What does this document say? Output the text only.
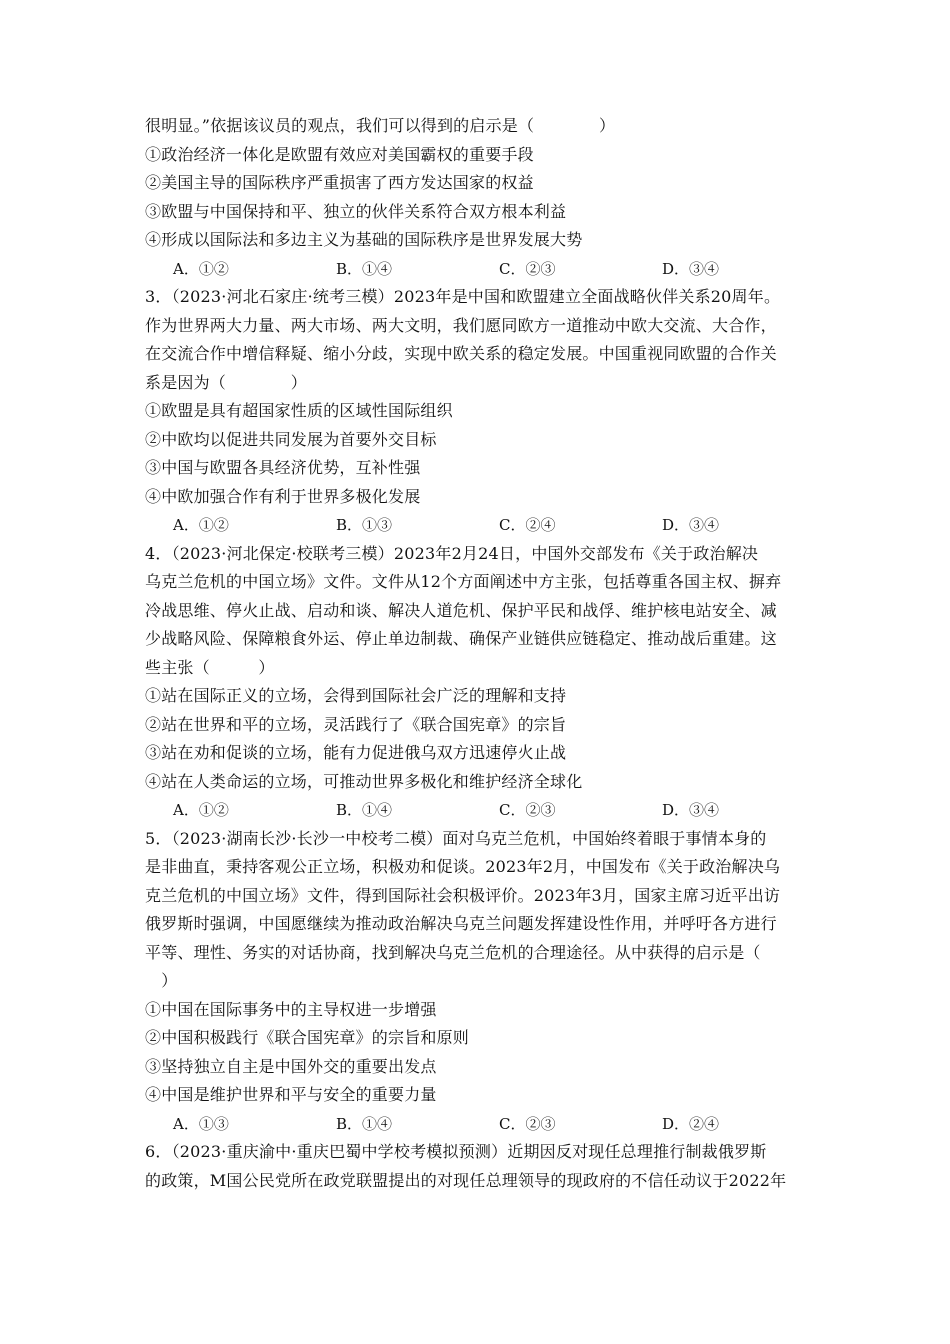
很明显。”依据该议员的观点，我们可以得到的启示是（　　　　）
①政治经济一体化是欧盟有效应对美国霸权的重要手段
②美国主导的国际秩序严重损害了西方发达国家的权益
③欧盟与中国保持和平、独立的伙伴关系符合双方根本利益
④形成以国际法和多边主义为基础的国际秩序是世界发展大势
A．①②	B．①④	C．②③	D．③④
3．（2023·河北石家庄·统考三模）2023年是中国和欧盟建立全面战略伙伴关系20周年。
作为世界两大力量、两大市场、两大文明，我们愿同欧方一道推动中欧大交流、大合作，
在交流合作中增信释疑、缩小分歧，实现中欧关系的稳定发展。中国重视同欧盟的合作关
系是因为（　　　　）
①欧盟是具有超国家性质的区域性国际组织
②中欧均以促进共同发展为首要外交目标
③中国与欧盟各具经济优势，互补性强
④中欧加强合作有利于世界多极化发展
A．①②	B．①③	C．②④	D．③④
4．（2023·河北保定·校联考三模）2023年2月24日，中国外交部发布《关于政治解决
乌克兰危机的中国立场》文件。文件从12个方面阐述中方主张，包括尊重各国主权、摒弃
冷战思维、停火止战、启动和谈、解决人道危机、保护平民和战俘、维护核电站安全、减
少战略风险、保障粮食外运、停止单边制裁、确保产业链供应链稳定、推动战后重建。这
些主张（　　　）
①站在国际正义的立场，会得到国际社会广泛的理解和支持
②站在世界和平的立场，灵活践行了《联合国宪章》的宗旨
③站在劝和促谈的立场，能有力促进俄乌双方迅速停火止战
④站在人类命运的立场，可推动世界多极化和维护经济全球化
A．①②	B．①④	C．②③	D．③④
5．（2023·湖南长沙·长沙一中校考二模）面对乌克兰危机，中国始终着眼于事情本身的
是非曲直，秉持客观公正立场，积极劝和促谈。2023年2月，中国发布《关于政治解决乌
克兰危机的中国立场》文件，得到国际社会积极评价。2023年3月，国家主席习近平出访
俄罗斯时强调，中国愿继续为推动政治解决乌克兰问题发挥建设性作用，并呼吁各方进行
平等、理性、务实的对话协商，找到解决乌克兰危机的合理途径。从中获得的启示是（
　）
①中国在国际事务中的主导权进一步增强
②中国积极践行《联合国宪章》的宗旨和原则
③坚持独立自主是中国外交的重要出发点
④中国是维护世界和平与安全的重要力量
A．①③	B．①④	C．②③	D．②④
6．（2023·重庆渝中·重庆巴蜀中学校考模拟预测）近期因反对现任总理推行制裁俄罗斯
的政策，M国公民党所在政党联盟提出的对现任总理领导的现政府的不信任动议于2022年
